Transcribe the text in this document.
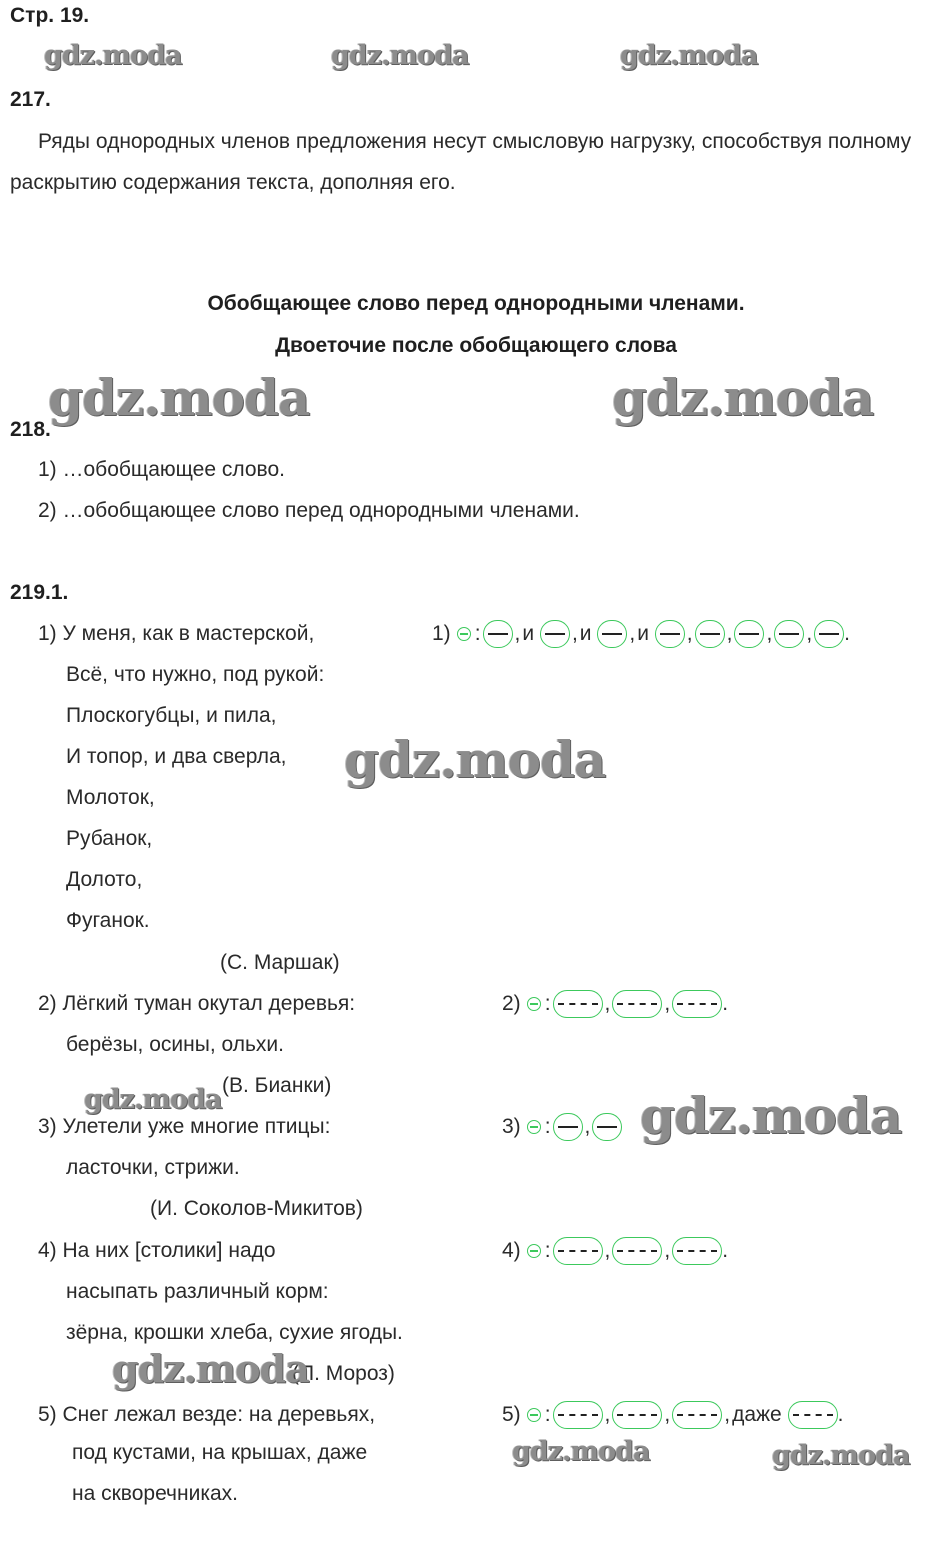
Стр. 19.
gdz.moda	gdz.moda	gdz.moda
217.
Ряды однородных членов предложения несут смысловую нагрузку, способствуя полному раскрытию содержания текста, дополняя его.
Обобщающее слово перед однородными членами.
Двоеточие после обобщающего слова
gdz.moda	gdz.moda
218.
1) …обобщающее слово.
2) …обобщающее слово перед однородными членами.
219.1.
1) У меня, как в мастерской,
Всё, что нужно, под рукой:
Плоскогубцы, и пила,
И топор, и два сверла,
Молоток,
Рубанок,
Долото,
Фуганок.
(С. Маршак)
gdz.moda
1) : , и
, и
, и
, , , , .
2) Лёгкий туман окутал деревья:
берёзы, осины, ольхи.
(В. Бианки)
gdz.moda
2) :	,	, .
3) Улетели уже многие птицы:
ласточки, стрижи.
(И. Соколов-Микитов)
3) : , gdz.moda
4) На них [столики] надо
насыпать различный корм:
зёрна, крошки хлеба, сухие ягоды.
(П. Мороз)
gdz.moda
4) :	,	, .
5) Снег лежал везде: на деревьях,
под кустами, на крышах, даже
на скворечниках.
5) :	,	,	, даже
	.
gdz.moda	gdz.moda
